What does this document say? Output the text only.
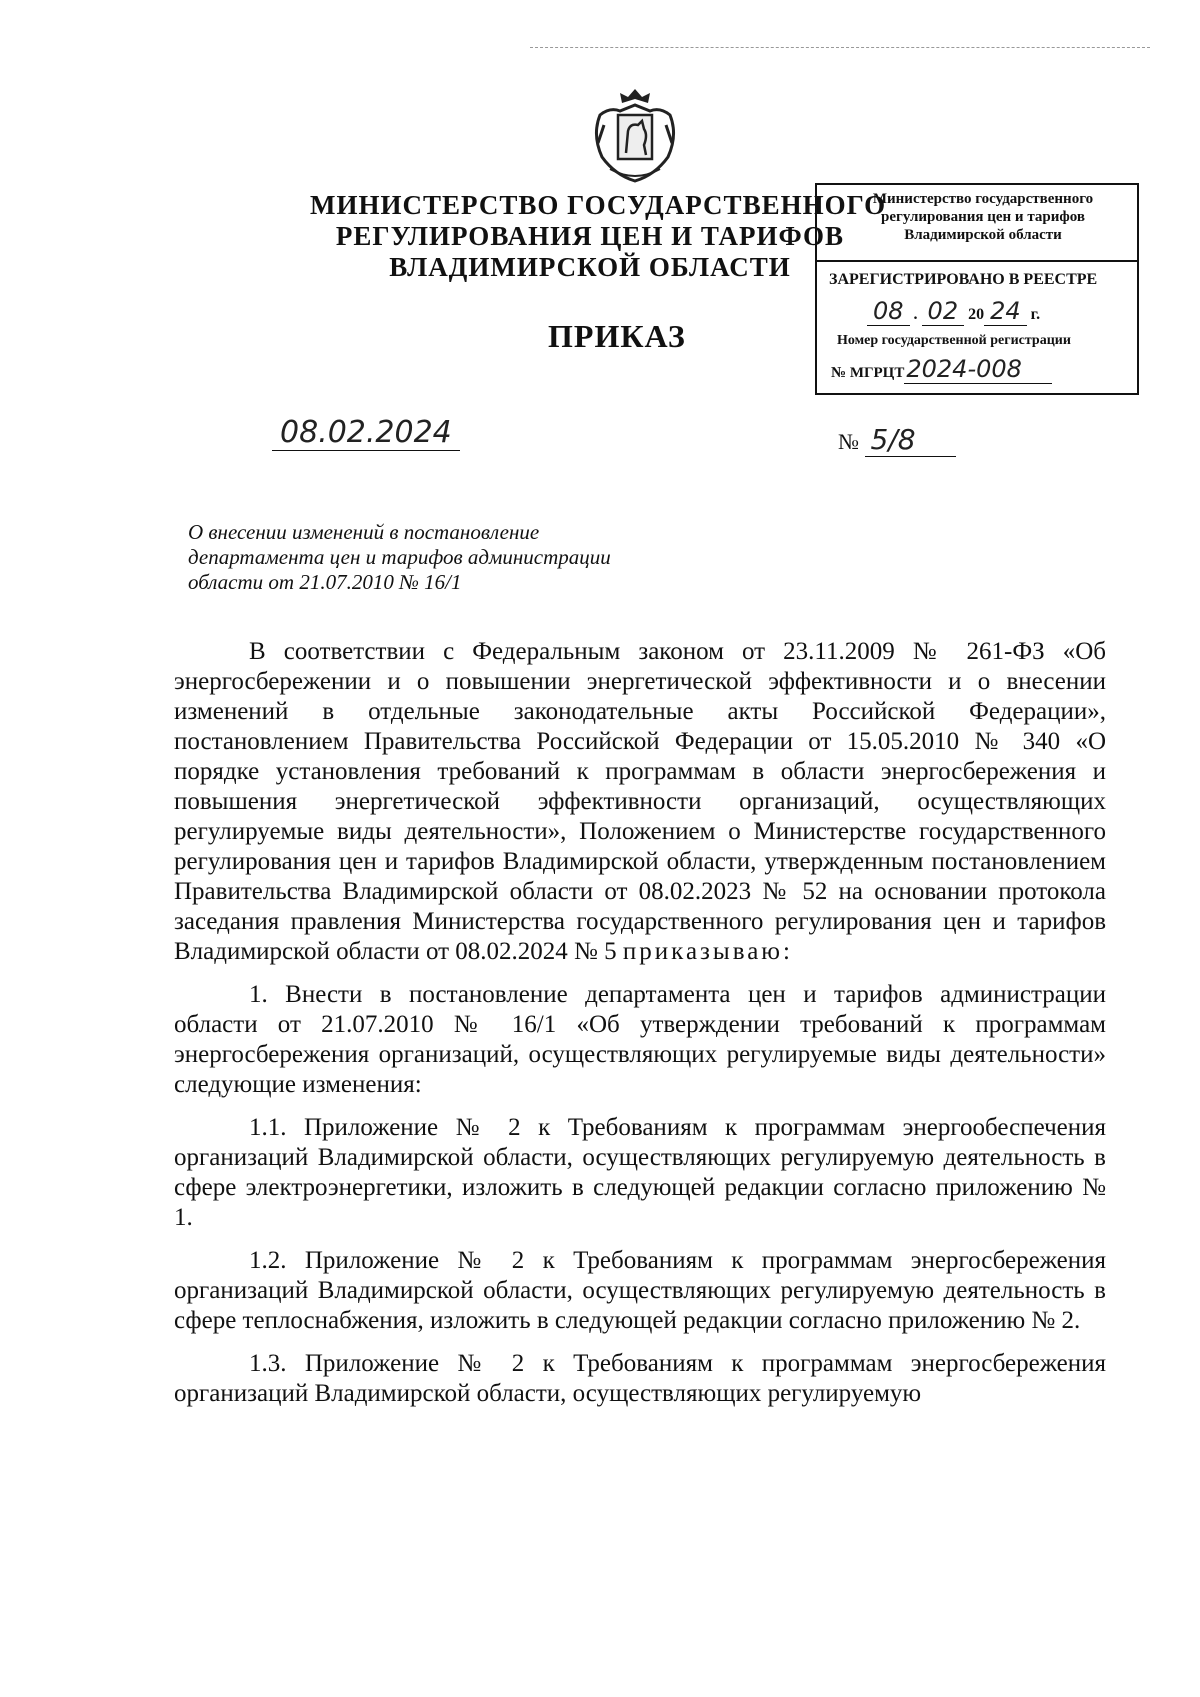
МИНИСТЕРСТВО ГОСУДАРСТВЕННОГО
РЕГУЛИРОВАНИЯ ЦЕН И ТАРИФОВ
ВЛАДИМИРСКОЙ ОБЛАСТИ
Министерство государственного
регулирования цен и тарифов
Владимирской области
ЗАРЕГИСТРИРОВАНО В РЕЕСТРЕ
08 . 02 20 24 г.
Номер государственной регистрации
№ МГРЦТ2024-008
ПРИКАЗ
08.02.2024	№ 5/8
О внесении изменений в постановление
департамента цен и тарифов администрации
области от 21.07.2010 № 16/1

В соответствии с Федеральным законом от 23.11.2009 № 261-ФЗ «Об энергосбережении и о повышении энергетической эффективности и о внесении изменений в отдельные законодательные акты Российской Федерации», постановлением Правительства Российской Федерации от 15.05.2010 № 340 «О порядке установления требований к программам в области энергосбережения и повышения энергетической эффективности организаций, осуществляющих регулируемые виды деятельности», Положением о Министерстве государственного регулирования цен и тарифов Владимирской области, утвержденным постановлением Правительства Владимирской области от 08.02.2023 № 52 на основании протокола заседания правления Министерства государственного регулирования цен и тарифов Владимирской области от 08.02.2024 № 5 приказываю:

1. Внести в постановление департамента цен и тарифов администрации области от 21.07.2010 № 16/1 «Об утверждении требований к программам энергосбережения организаций, осуществляющих регулируемые виды деятельности» следующие изменения:

1.1. Приложение № 2 к Требованиям к программам энергообеспечения организаций Владимирской области, осуществляющих регулируемую деятельность в сфере электроэнергетики, изложить в следующей редакции согласно приложению № 1.

1.2. Приложение № 2 к Требованиям к программам энергосбережения организаций Владимирской области, осуществляющих регулируемую деятельность в сфере теплоснабжения, изложить в следующей редакции согласно приложению № 2.

1.3. Приложение № 2 к Требованиям к программам энергосбережения организаций Владимирской области, осуществляющих регулируемую
